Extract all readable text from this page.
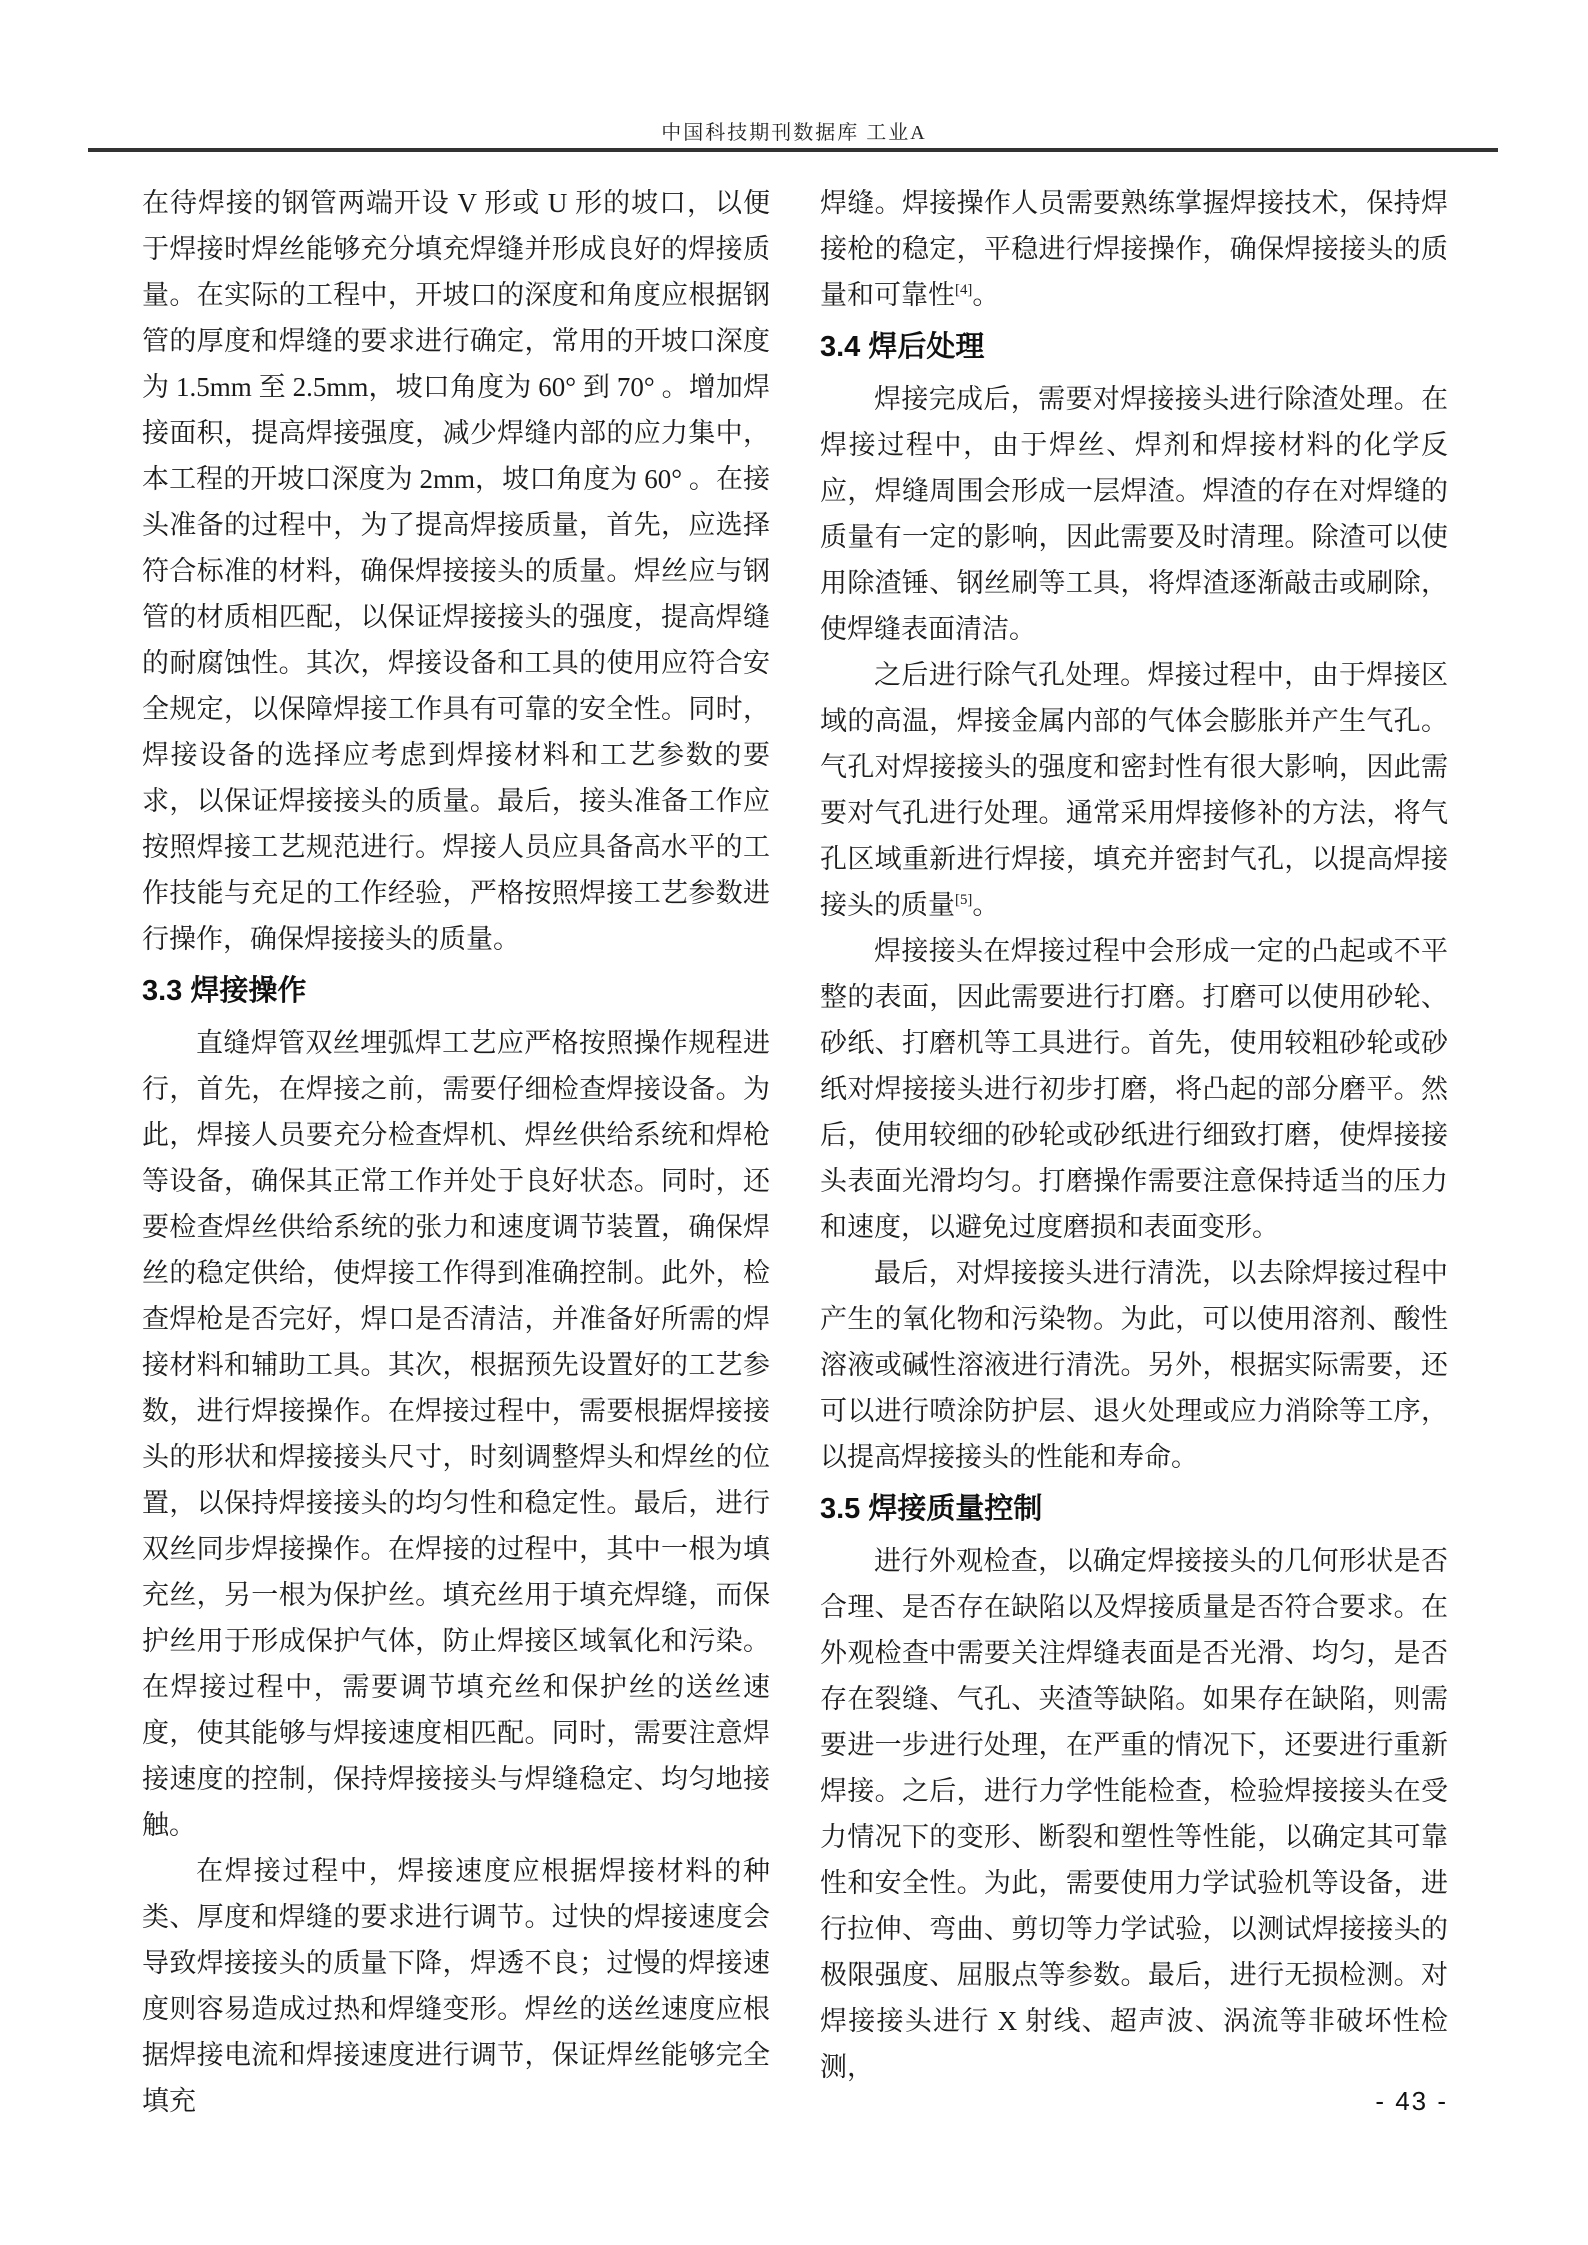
中国科技期刊数据库 工业A
在待焊接的钢管两端开设 V 形或 U 形的坡口，以便于焊接时焊丝能够充分填充焊缝并形成良好的焊接质量。在实际的工程中，开坡口的深度和角度应根据钢管的厚度和焊缝的要求进行确定，常用的开坡口深度为 1.5mm 至 2.5mm，坡口角度为 60° 到 70° 。增加焊接面积，提高焊接强度，减少焊缝内部的应力集中，本工程的开坡口深度为 2mm，坡口角度为 60° 。在接头准备的过程中，为了提高焊接质量，首先，应选择符合标准的材料，确保焊接接头的质量。焊丝应与钢管的材质相匹配，以保证焊接接头的强度，提高焊缝的耐腐蚀性。其次，焊接设备和工具的使用应符合安全规定，以保障焊接工作具有可靠的安全性。同时，焊接设备的选择应考虑到焊接材料和工艺参数的要求，以保证焊接接头的质量。最后，接头准备工作应按照焊接工艺规范进行。焊接人员应具备高水平的工作技能与充足的工作经验，严格按照焊接工艺参数进行操作，确保焊接接头的质量。
3.3 焊接操作
直缝焊管双丝埋弧焊工艺应严格按照操作规程进行，首先，在焊接之前，需要仔细检查焊接设备。为此，焊接人员要充分检查焊机、焊丝供给系统和焊枪等设备，确保其正常工作并处于良好状态。同时，还要检查焊丝供给系统的张力和速度调节装置，确保焊丝的稳定供给，使焊接工作得到准确控制。此外，检查焊枪是否完好，焊口是否清洁，并准备好所需的焊接材料和辅助工具。其次，根据预先设置好的工艺参数，进行焊接操作。在焊接过程中，需要根据焊接接头的形状和焊接接头尺寸，时刻调整焊头和焊丝的位置，以保持焊接接头的均匀性和稳定性。最后，进行双丝同步焊接操作。在焊接的过程中，其中一根为填充丝，另一根为保护丝。填充丝用于填充焊缝，而保护丝用于形成保护气体，防止焊接区域氧化和污染。在焊接过程中，需要调节填充丝和保护丝的送丝速度，使其能够与焊接速度相匹配。同时，需要注意焊接速度的控制，保持焊接接头与焊缝稳定、均匀地接触。
在焊接过程中，焊接速度应根据焊接材料的种类、厚度和焊缝的要求进行调节。过快的焊接速度会导致焊接接头的质量下降，焊透不良；过慢的焊接速度则容易造成过热和焊缝变形。焊丝的送丝速度应根据焊接电流和焊接速度进行调节，保证焊丝能够完全填充
焊缝。焊接操作人员需要熟练掌握焊接技术，保持焊接枪的稳定，平稳进行焊接操作，确保焊接接头的质量和可靠性[4]。
3.4 焊后处理
焊接完成后，需要对焊接接头进行除渣处理。在焊接过程中，由于焊丝、焊剂和焊接材料的化学反应，焊缝周围会形成一层焊渣。焊渣的存在对焊缝的质量有一定的影响，因此需要及时清理。除渣可以使用除渣锤、钢丝刷等工具，将焊渣逐渐敲击或刷除，使焊缝表面清洁。
之后进行除气孔处理。焊接过程中，由于焊接区域的高温，焊接金属内部的气体会膨胀并产生气孔。气孔对焊接接头的强度和密封性有很大影响，因此需要对气孔进行处理。通常采用焊接修补的方法，将气孔区域重新进行焊接，填充并密封气孔，以提高焊接接头的质量[5]。
焊接接头在焊接过程中会形成一定的凸起或不平整的表面，因此需要进行打磨。打磨可以使用砂轮、砂纸、打磨机等工具进行。首先，使用较粗砂轮或砂纸对焊接接头进行初步打磨，将凸起的部分磨平。然后，使用较细的砂轮或砂纸进行细致打磨，使焊接接头表面光滑均匀。打磨操作需要注意保持适当的压力和速度，以避免过度磨损和表面变形。
最后，对焊接接头进行清洗，以去除焊接过程中产生的氧化物和污染物。为此，可以使用溶剂、酸性溶液或碱性溶液进行清洗。另外，根据实际需要，还可以进行喷涂防护层、退火处理或应力消除等工序，以提高焊接接头的性能和寿命。
3.5 焊接质量控制
进行外观检查，以确定焊接接头的几何形状是否合理、是否存在缺陷以及焊接质量是否符合要求。在外观检查中需要关注焊缝表面是否光滑、均匀，是否存在裂缝、气孔、夹渣等缺陷。如果存在缺陷，则需要进一步进行处理，在严重的情况下，还要进行重新焊接。之后，进行力学性能检查，检验焊接接头在受力情况下的变形、断裂和塑性等性能，以确定其可靠性和安全性。为此，需要使用力学试验机等设备，进行拉伸、弯曲、剪切等力学试验，以测试焊接接头的极限强度、屈服点等参数。最后，进行无损检测。对焊接接头进行 X 射线、超声波、涡流等非破坏性检测，
- 43 -
